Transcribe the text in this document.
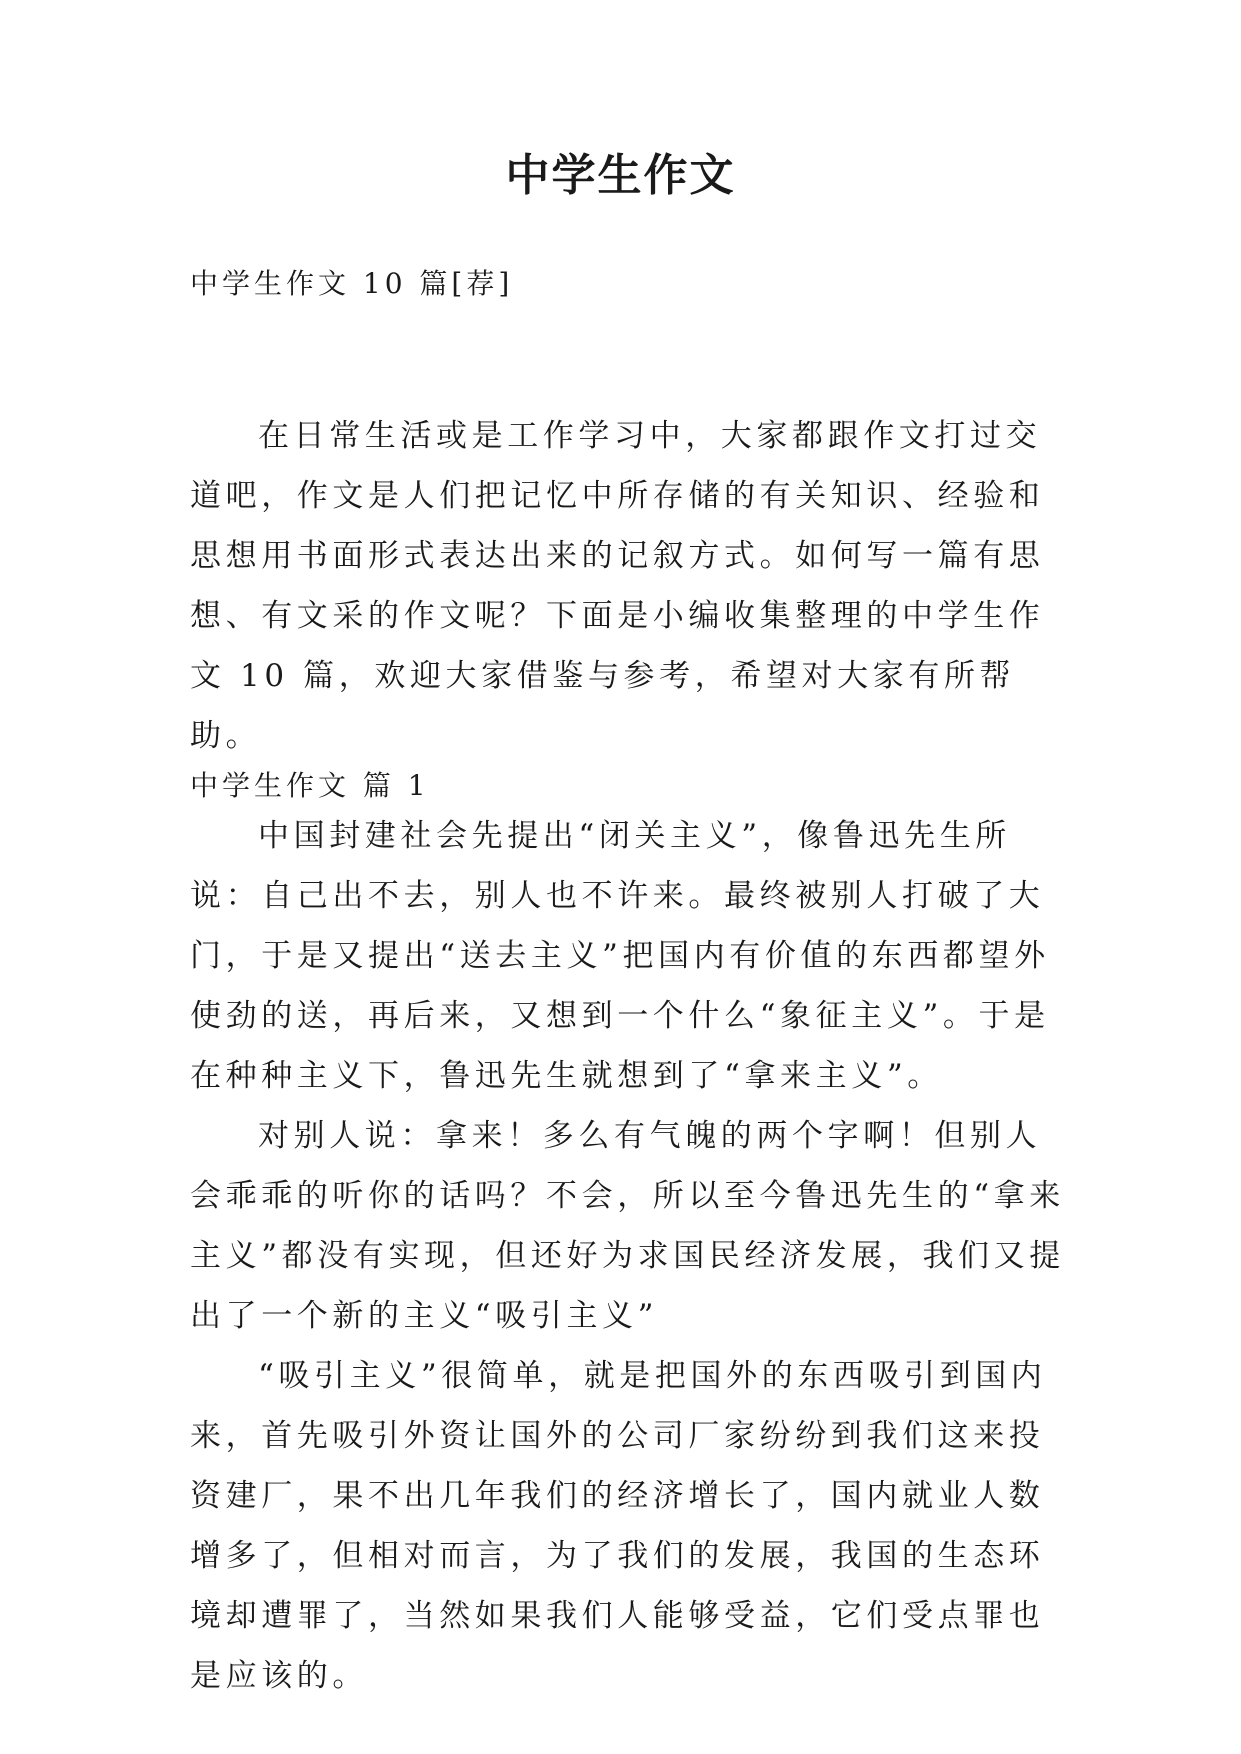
中学生作文

中学生作文 10 篇[荐]

在日常生活或是工作学习中，大家都跟作文打过交道吧，作文是人们把记忆中所存储的有关知识、经验和思想用书面形式表达出来的记叙方式。如何写一篇有思想、有文采的作文呢？下面是小编收集整理的中学生作文 10 篇，欢迎大家借鉴与参考，希望对大家有所帮助。

中学生作文 篇 1

中国封建社会先提出“闭关主义”，像鲁迅先生所说：自己出不去，别人也不许来。最终被别人打破了大门，于是又提出“送去主义”把国内有价值的东西都望外使劲的送，再后来，又想到一个什么“象征主义”。于是在种种主义下，鲁迅先生就想到了“拿来主义”。

对别人说：拿来！多么有气魄的两个字啊！但别人会乖乖的听你的话吗？不会，所以至今鲁迅先生的“拿来主义”都没有实现，但还好为求国民经济发展，我们又提出了一个新的主义“吸引主义”

“吸引主义”很简单，就是把国外的东西吸引到国内来，首先吸引外资让国外的公司厂家纷纷到我们这来投资建厂，果不出几年我们的经济增长了，国内就业人数增多了，但相对而言，为了我们的发展，我国的生态环境却遭罪了，当然如果我们人能够受益，它们受点罪也是应该的。
